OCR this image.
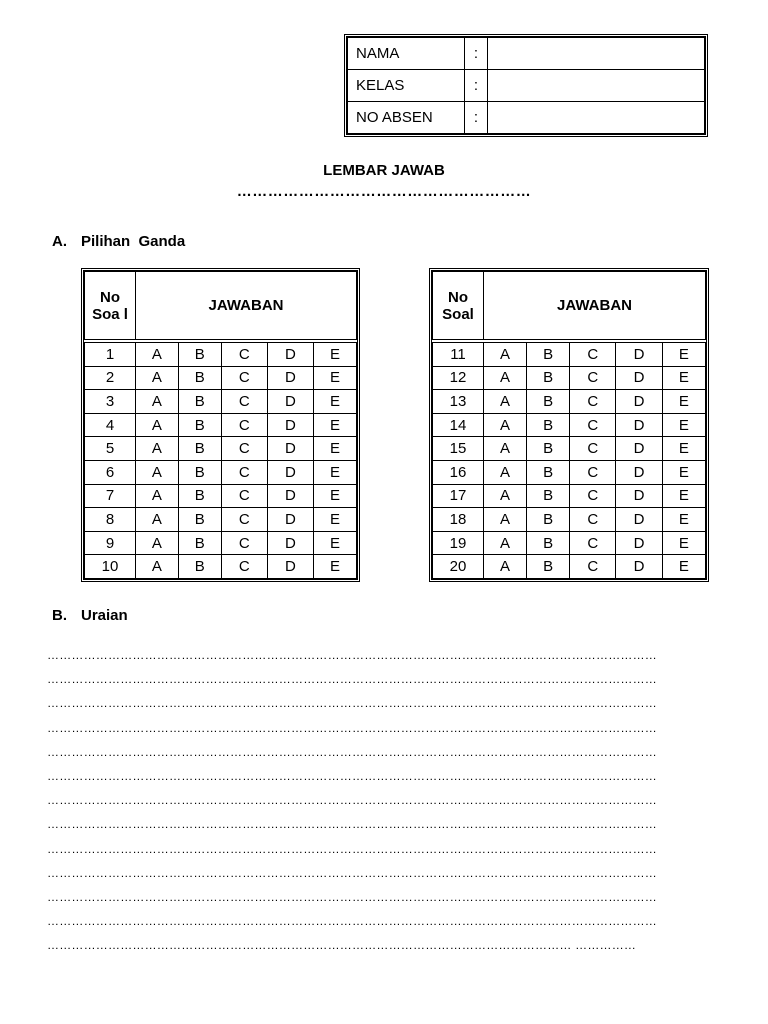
NAMA	:	
KELAS	:	
NO ABSEN	:	
LEMBAR JAWAB
…………………………………………………
A. Pilihan  Ganda
No Soa l	JAWABAN				

1	A	B	C	D	E
2	A	B	C	D	E
3	A	B	C	D	E
4	A	B	C	D	E
5	A	B	C	D	E
6	A	B	C	D	E
7	A	B	C	D	E
8	A	B	C	D	E
9	A	B	C	D	E
10	A	B	C	D	E
No Soal	JAWABAN				

11	A	B	C	D	E
12	A	B	C	D	E
13	A	B	C	D	E
14	A	B	C	D	E
15	A	B	C	D	E
16	A	B	C	D	E
17	A	B	C	D	E
18	A	B	C	D	E
19	A	B	C	D	E
20	A	B	C	D	E
B. Uraian
……………………………………………………………………………………………………………………………………
……………………………………………………………………………………………………………………………………
……………………………………………………………………………………………………………………………………
……………………………………………………………………………………………………………………………………
……………………………………………………………………………………………………………………………………
……………………………………………………………………………………………………………………………………
……………………………………………………………………………………………………………………………………
……………………………………………………………………………………………………………………………………
……………………………………………………………………………………………………………………………………
……………………………………………………………………………………………………………………………………
……………………………………………………………………………………………………………………………………
……………………………………………………………………………………………………………………………………
………………………………………………………………………………………………………………… ……………
